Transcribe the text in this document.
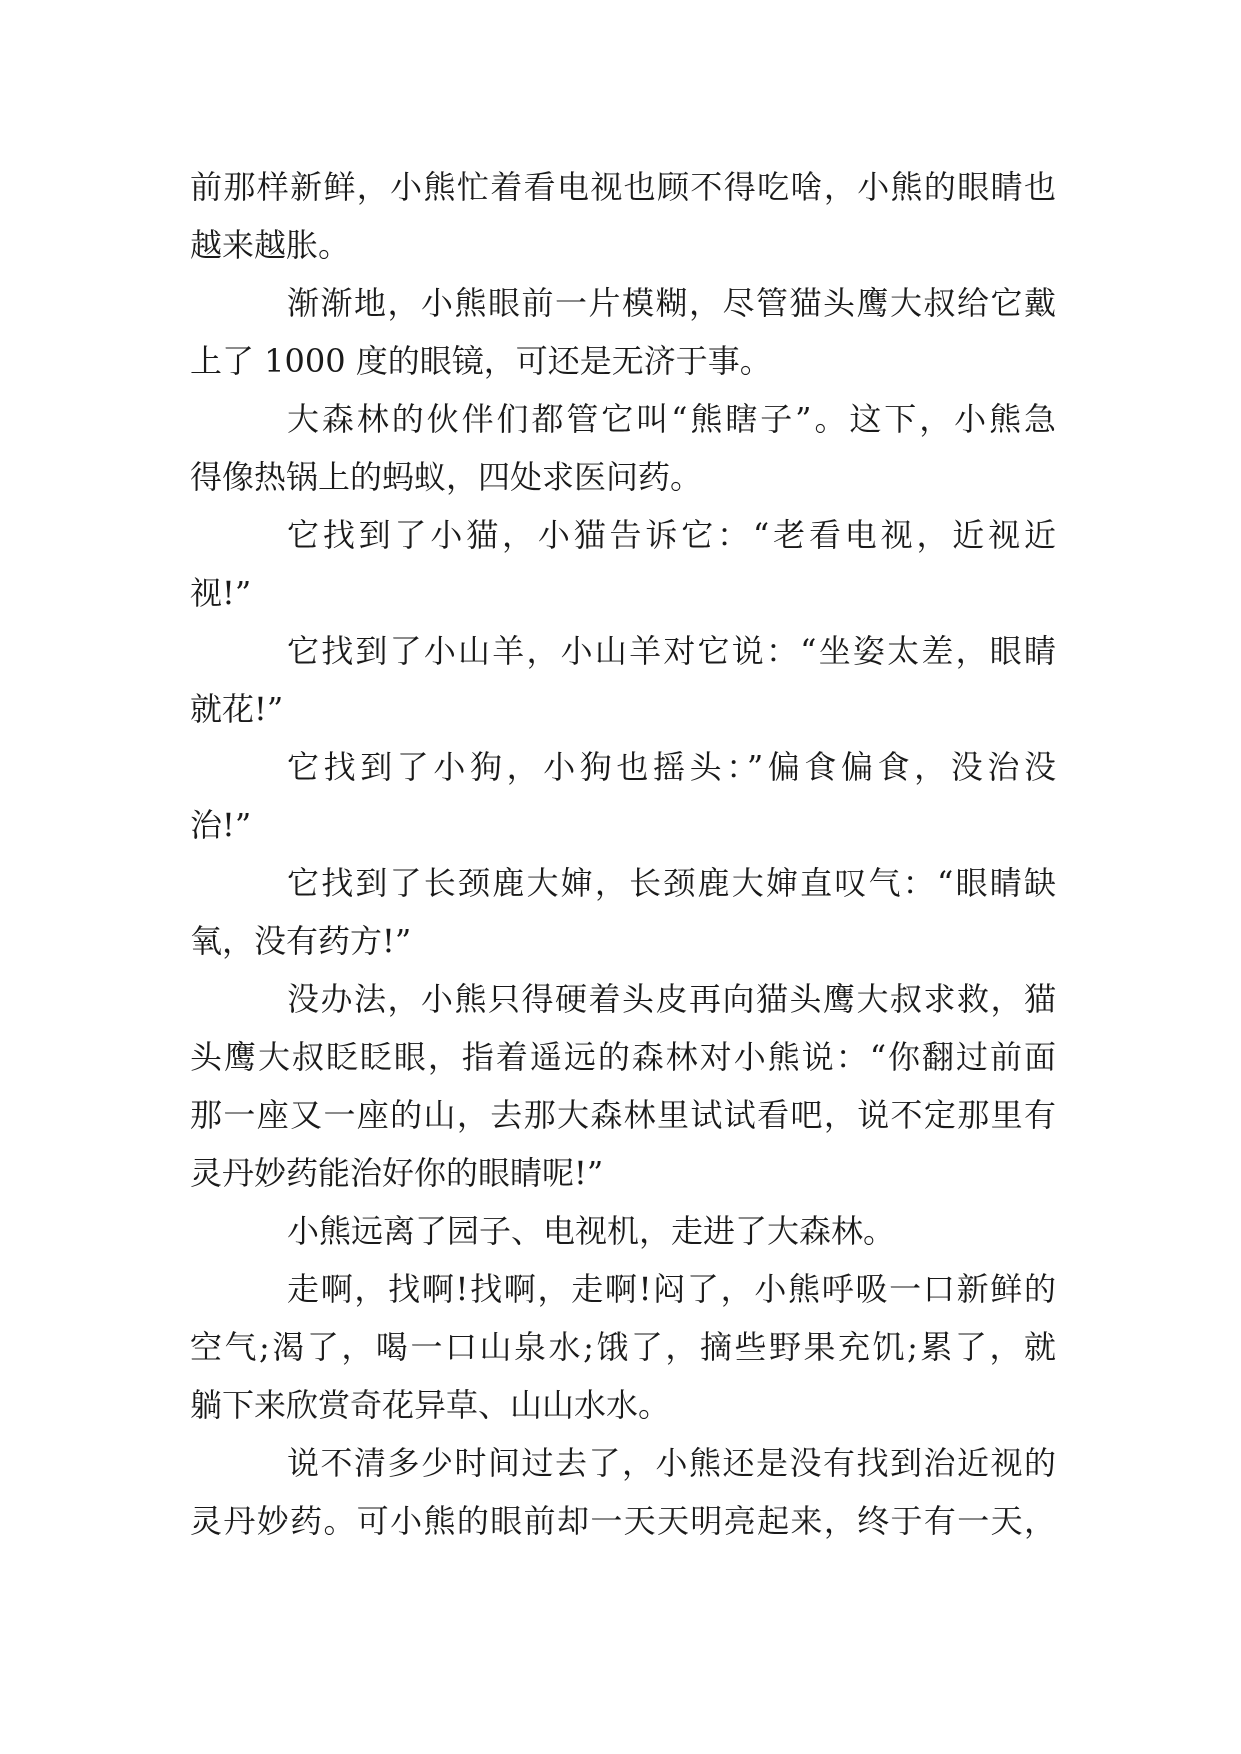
前那样新鲜，小熊忙着看电视也顾不得吃啥，小熊的眼睛也
越来越胀。
渐渐地，小熊眼前一片模糊，尽管猫头鹰大叔给它戴
上了 1000 度的眼镜，可还是无济于事。
大森林的伙伴们都管它叫“熊瞎子”。这下，小熊急
得像热锅上的蚂蚁，四处求医问药。
它找到了小猫，小猫告诉它：“老看电视，近视近
视!”
它找到了小山羊，小山羊对它说：“坐姿太差，眼睛
就花!”
它找到了小狗，小狗也摇头：”偏食偏食，没治没
治!”
它找到了长颈鹿大婶，长颈鹿大婶直叹气：“眼睛缺
氧，没有药方!”
没办法，小熊只得硬着头皮再向猫头鹰大叔求救，猫
头鹰大叔眨眨眼，指着遥远的森林对小熊说：“你翻过前面
那一座又一座的山，去那大森林里试试看吧，说不定那里有
灵丹妙药能治好你的眼睛呢!”
小熊远离了园子、电视机，走进了大森林。
走啊，找啊!找啊，走啊!闷了，小熊呼吸一口新鲜的
空气;渴了，喝一口山泉水;饿了，摘些野果充饥;累了，就
躺下来欣赏奇花异草、山山水水。
说不清多少时间过去了，小熊还是没有找到治近视的
灵丹妙药。可小熊的眼前却一天天明亮起来，终于有一天，
